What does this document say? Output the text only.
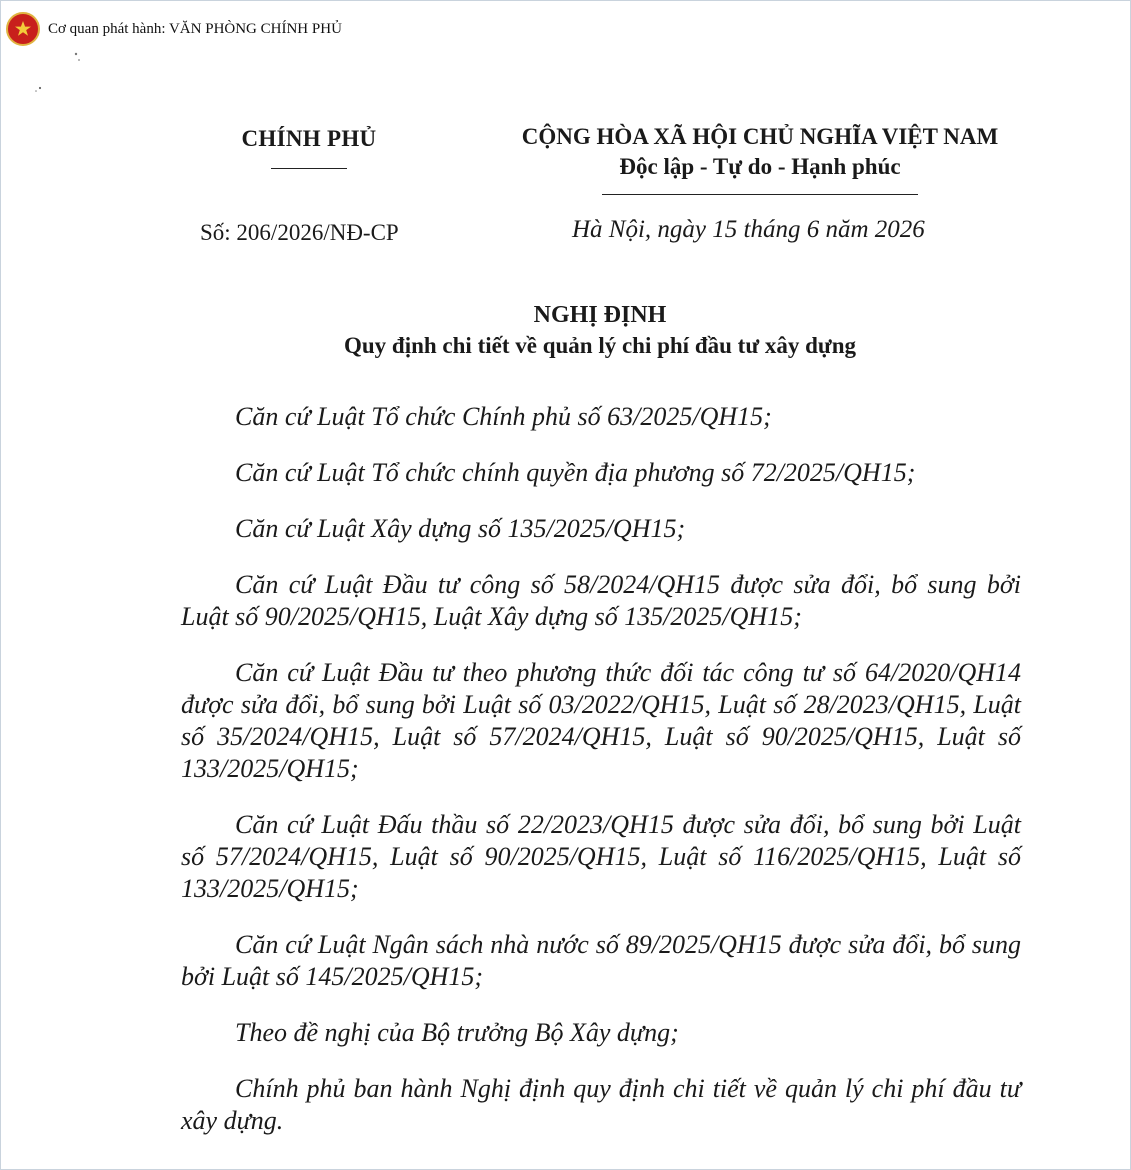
Cơ quan phát hành: VĂN PHÒNG CHÍNH PHỦ
CHÍNH PHỦ	CỘNG HÒA XÃ HỘI CHỦ NGHĨA VIỆT NAM
Độc lập - Tự do - Hạnh phúc
Số: 206/2026/NĐ-CP	Hà Nội, ngày 15 tháng 6 năm 2026
NGHỊ ĐỊNH
Quy định chi tiết về quản lý chi phí đầu tư xây dựng

Căn cứ Luật Tổ chức Chính phủ số 63/2025/QH15;

Căn cứ Luật Tổ chức chính quyền địa phương số 72/2025/QH15;

Căn cứ Luật Xây dựng số 135/2025/QH15;

Căn cứ Luật Đầu tư công số 58/2024/QH15 được sửa đổi, bổ sung bởi Luật số 90/2025/QH15, Luật Xây dựng số 135/2025/QH15;

Căn cứ Luật Đầu tư theo phương thức đối tác công tư số 64/2020/QH14 được sửa đổi, bổ sung bởi Luật số 03/2022/QH15, Luật số 28/2023/QH15, Luật số 35/2024/QH15, Luật số 57/2024/QH15, Luật số 90/2025/QH15, Luật số 133/2025/QH15;

Căn cứ Luật Đấu thầu số 22/2023/QH15 được sửa đổi, bổ sung bởi Luật số 57/2024/QH15, Luật số 90/2025/QH15, Luật số 116/2025/QH15, Luật số 133/2025/QH15;

Căn cứ Luật Ngân sách nhà nước số 89/2025/QH15 được sửa đổi, bổ sung bởi Luật số 145/2025/QH15;

Theo đề nghị của Bộ trưởng Bộ Xây dựng;

Chính phủ ban hành Nghị định quy định chi tiết về quản lý chi phí đầu tư xây dựng.
